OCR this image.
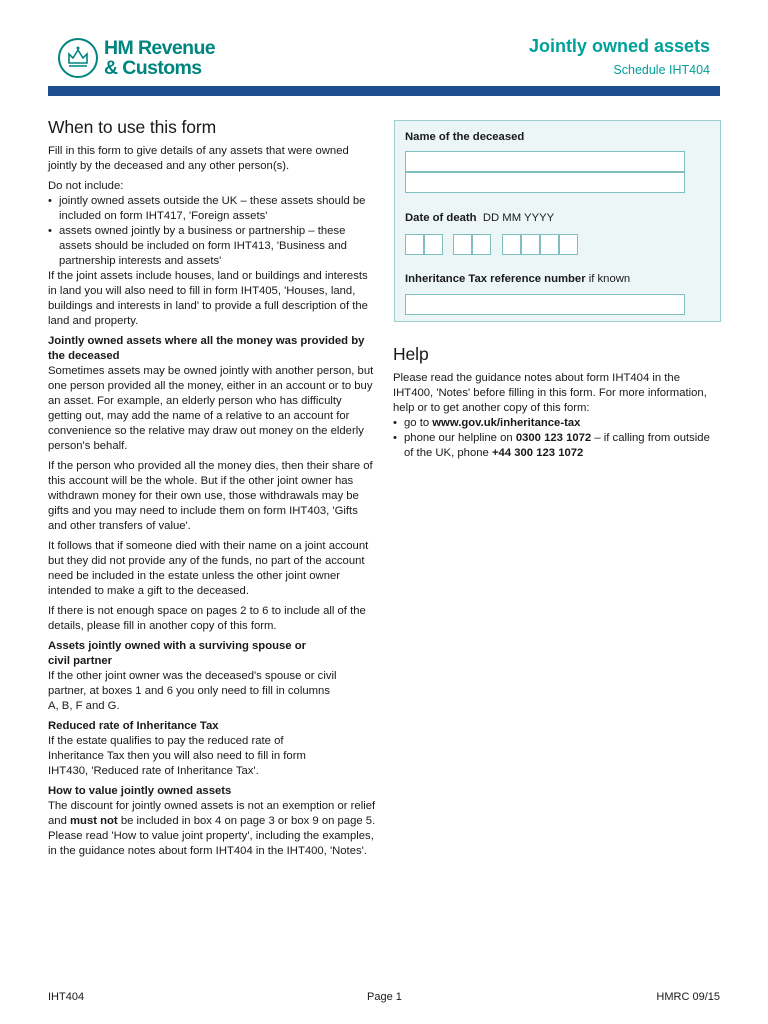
HM Revenue
& Customs
Jointly owned assets
Schedule IHT404
When to use this form

Fill in this form to give details of any assets that were owned jointly by the deceased and any other person(s).

Do not include:

• jointly owned assets outside the UK – these assets should be included on form IHT417, 'Foreign assets'
• assets owned jointly by a business or partnership – these assets should be included on form IHT413, 'Business and partnership interests and assets'

If the joint assets include houses, land or buildings and interests in land you will also need to fill in form IHT405, 'Houses, land, buildings and interests in land' to provide a full description of the land and property.

Jointly owned assets where all the money was provided by the deceased

Sometimes assets may be owned jointly with another person, but one person provided all the money, either in an account or to buy an asset. For example, an elderly person who has difficulty getting out, may add the name of a relative to an account for convenience so the relative may draw out money on the elderly person's behalf.

If the person who provided all the money dies, then their share of this account will be the whole. But if the other joint owner has withdrawn money for their own use, those withdrawals may be gifts and you may need to include them on form IHT403, 'Gifts and other transfers of value'.

It follows that if someone died with their name on a joint account but they did not provide any of the funds, no part of the account need be included in the estate unless the other joint owner intended to make a gift to the deceased.

If there is not enough space on pages 2 to 6 to include all of the details, please fill in another copy of this form.

Assets jointly owned with a surviving spouse or civil partner

If the other joint owner was the deceased's spouse or civil partner, at boxes 1 and 6 you only need to fill in columns A, B, F and G.

Reduced rate of Inheritance Tax

If the estate qualifies to pay the reduced rate of Inheritance Tax then you will also need to fill in form IHT430, 'Reduced rate of Inheritance Tax'.

How to value jointly owned assets

The discount for jointly owned assets is not an exemption or relief and must not be included in box 4 on page 3 or box 9 on page 5. Please read 'How to value joint property', including the examples, in the guidance notes about form IHT404 in the IHT400, 'Notes'.

Name of the deceased
Date of death DD MM YYYY
Inheritance Tax reference number if known
Help

Please read the guidance notes about form IHT404 in the IHT400, 'Notes' before filling in this form. For more information, help or to get another copy of this form:

• go to www.gov.uk/inheritance-tax
• phone our helpline on 0300 123 1072 – if calling from outside of the UK, phone +44 300 123 1072
IHT404	Page 1	HMRC 09/15
